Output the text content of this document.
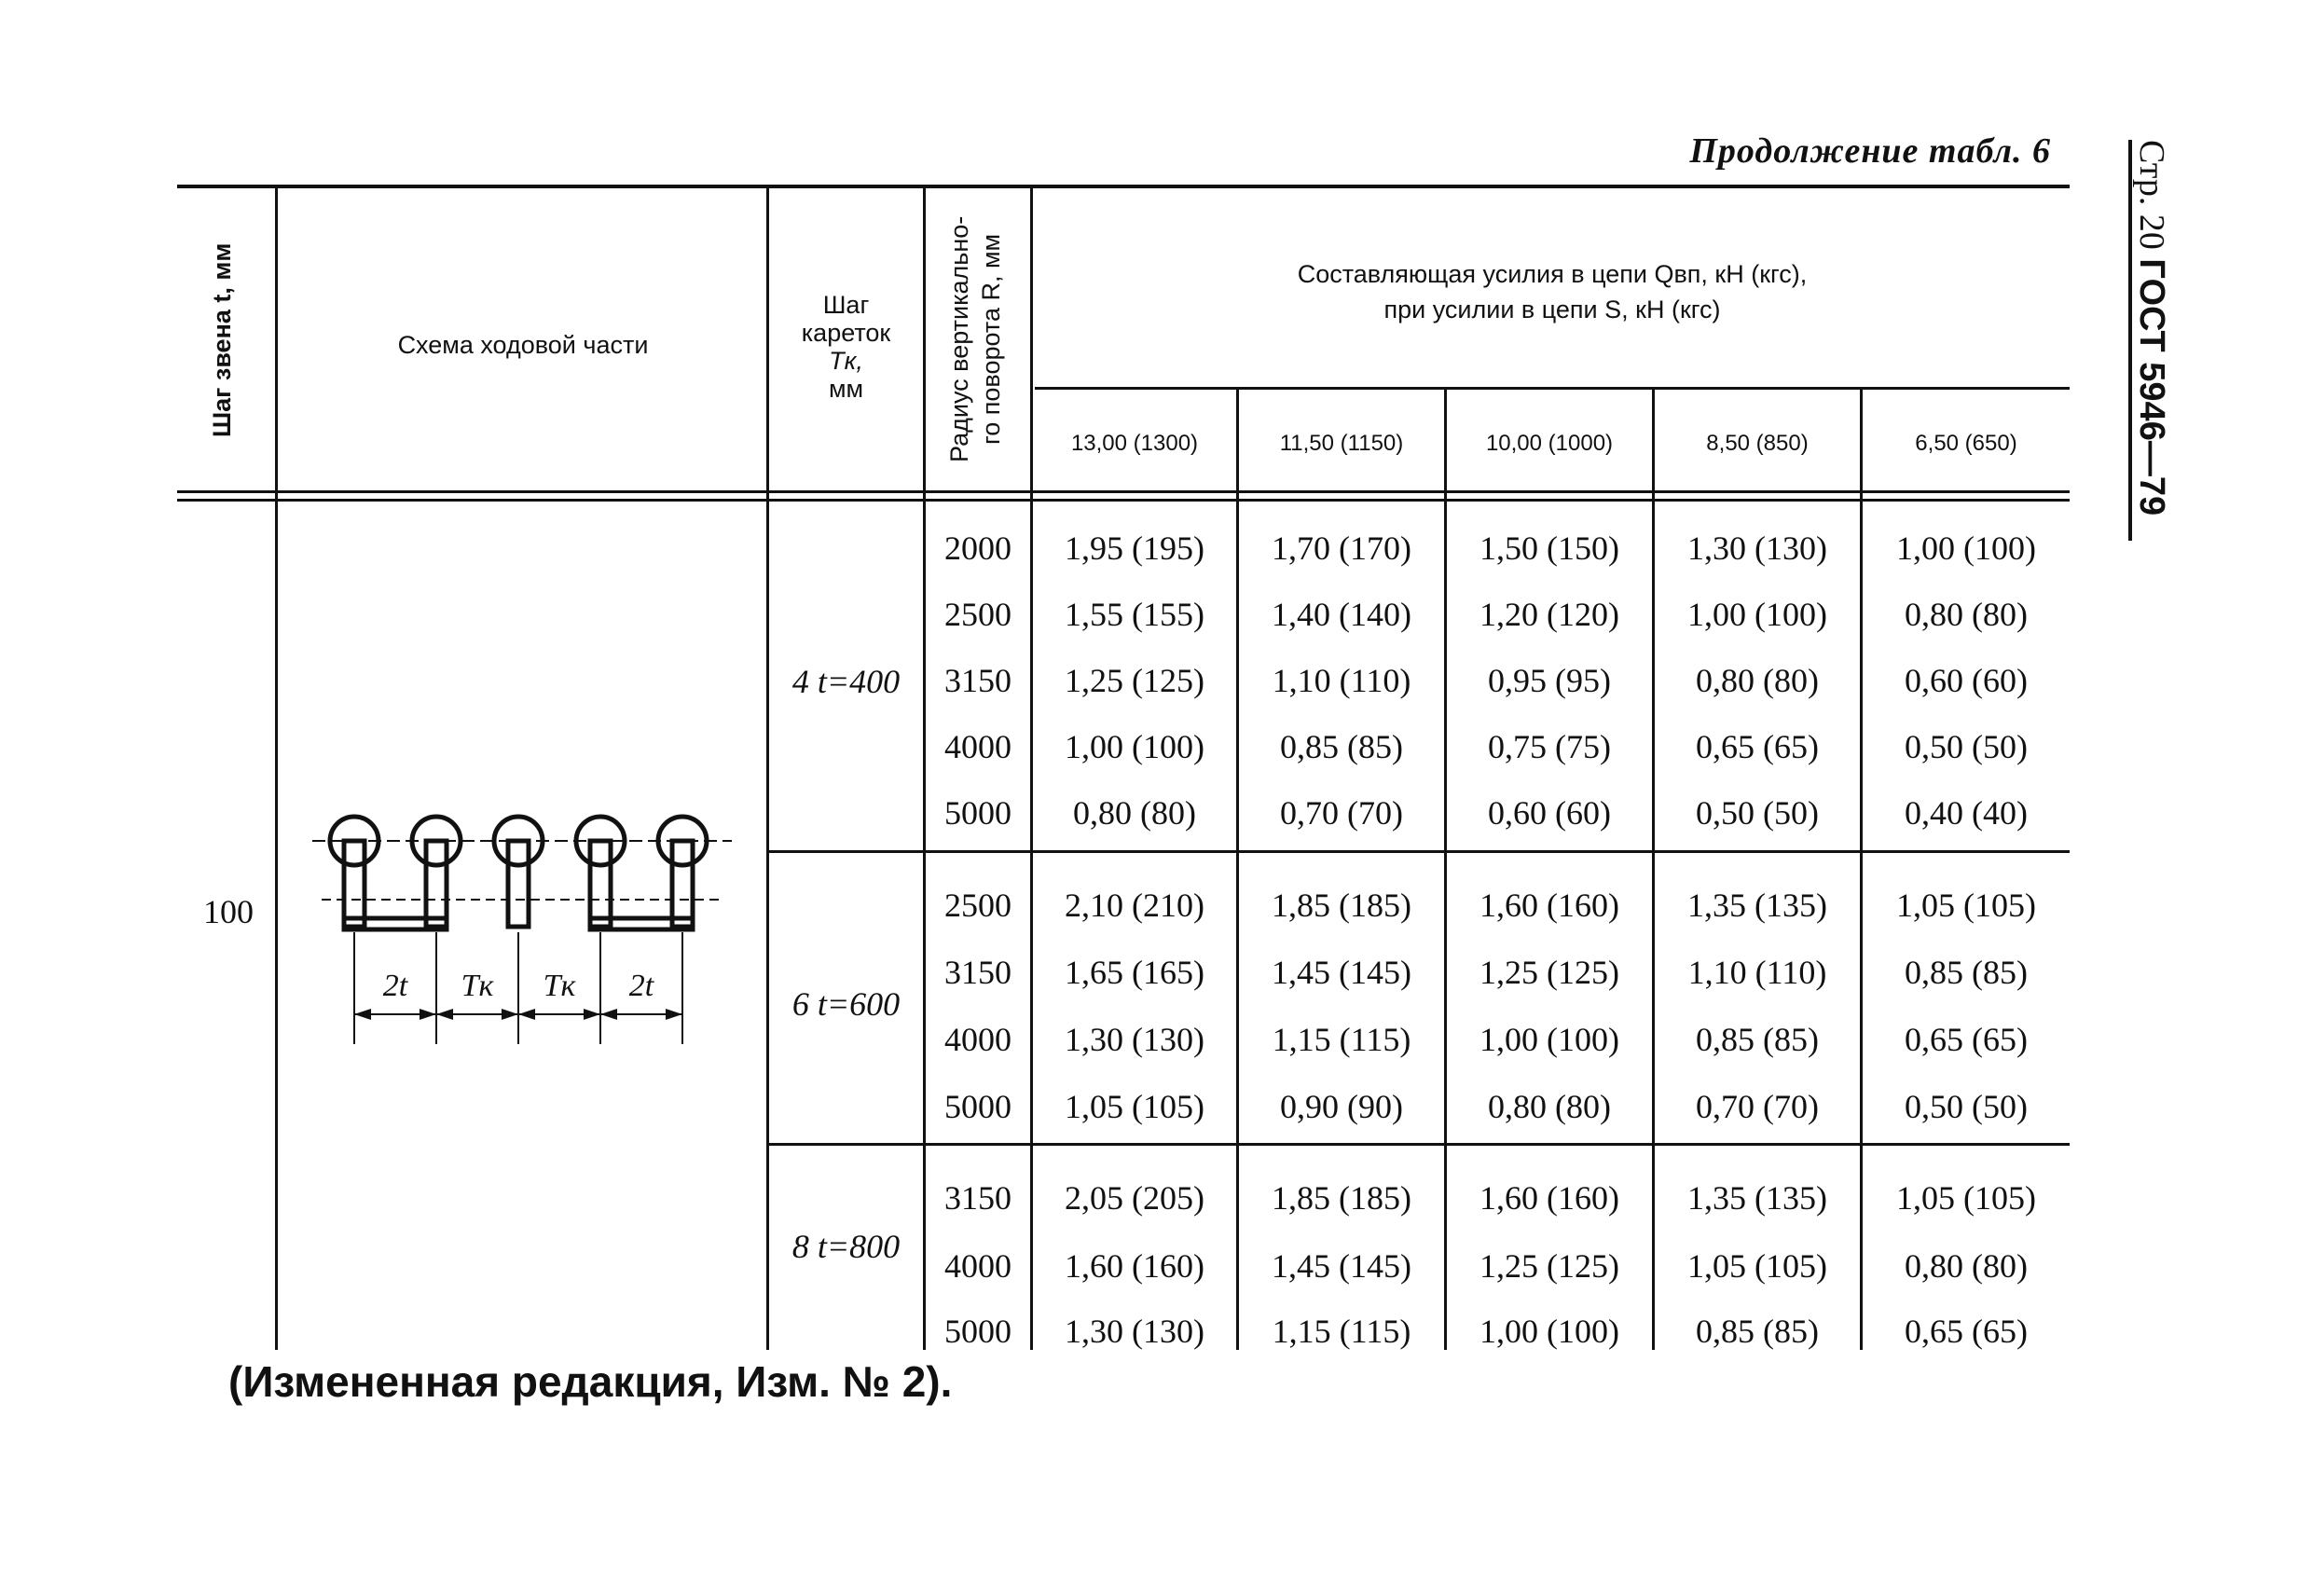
Продолжение табл. 6	Стр. 20 ГОСТ 5946—79
Шаг звена t, мм	Схема ходовой части
Шаг
кареток
Tк,
мм	Радиус вертикально- го поворота R, мм	Составляющая усилия в цепи Qвп, кН (кгс),
при усилии в цепи S, кН (кгс)
13,00 (1300)	11,50 (1150)	10,00 (1000)	8,50 (850)	6,50 (650)
100
2t Tк Tк 2t
4 t=400
2000	1,95 (195)	1,70 (170)	1,50 (150)	1,30 (130)	1,00 (100)
2500	1,55 (155)	1,40 (140)	1,20 (120)	1,00 (100)	0,80 (80)
3150	1,25 (125)	1,10 (110)	0,95 (95)	0,80 (80)	0,60 (60)
4000	1,00 (100)	0,85 (85)	0,75 (75)	0,65 (65)	0,50 (50)
5000	0,80 (80)	0,70 (70)	0,60 (60)	0,50 (50)	0,40 (40)
6 t=600
2500	2,10 (210)	1,85 (185)	1,60 (160)	1,35 (135)	1,05 (105)
3150	1,65 (165)	1,45 (145)	1,25 (125)	1,10 (110)	0,85 (85)
4000	1,30 (130)	1,15 (115)	1,00 (100)	0,85 (85)	0,65 (65)
5000	1,05 (105)	0,90 (90)	0,80 (80)	0,70 (70)	0,50 (50)
8 t=800
3150	2,05 (205)	1,85 (185)	1,60 (160)	1,35 (135)	1,05 (105)
4000	1,60 (160)	1,45 (145)	1,25 (125)	1,05 (105)	0,80 (80)
5000	1,30 (130)	1,15 (115)	1,00 (100)	0,85 (85)	0,65 (65)
(Измененная редакция, Изм. № 2).
